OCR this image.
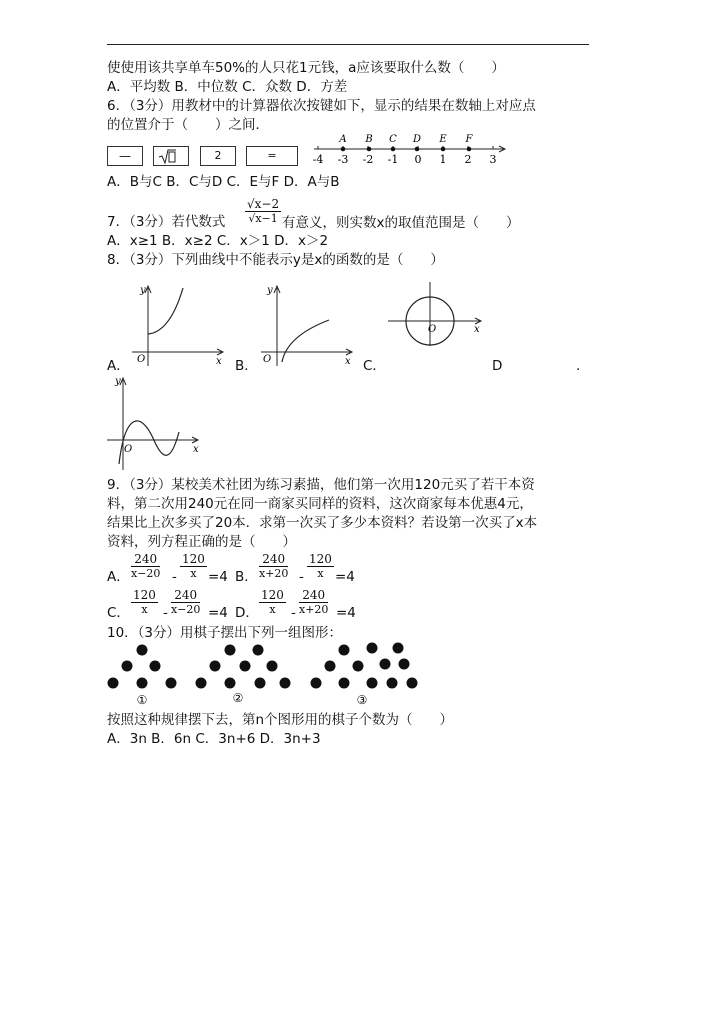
使使用该共享单车50%的人只花1元钱，a应该要取什么数（　　）
A．平均数 B．中位数 C．众数 D．方差
6．（3分）用教材中的计算器依次按键如下，显示的结果在数轴上对应点
的位置介于（　　）之间．
—	2	=	-4 -3 -2 -1 0 1 2 3
A B C D E F
A．B与C B．C与D C．E与F D．A与B
7．（3分）若代数式 $\frac{√x-2}{√x-1}$ 有意义，则实数x的取值范围是（　　）
A．x≥1 B．x≥2 C．x＞1 D．x＞2
8．（3分）下列曲线中不能表示y是x的函数的是（　　）
y
x
O
A．
y
x
O
B．
O	x
C．	D	.
y
x
O
9．（3分）某校美术社团为练习素描，他们第一次用120元买了若干本资
料，第二次用240元在同一商家买同样的资料，这次商家每本优惠4元，
结果比上次多买了20本．求第一次买了多少本资料？若设第一次买了x本
资料，列方程正确的是（　　）
A． $\frac{240}{x-20} - \frac{120}{x} =4$ B． $\frac{240}{x+20} - \frac{120}{x} =4$
C． $\frac{120}{x} - \frac{240}{x-20} =4$ D． $\frac{120}{x} - \frac{240}{x+20} =4$
10．（3分）用棋子摆出下列一组图形：
①	②	③
按照这种规律摆下去，第n个图形用的棋子个数为（　　）
A．3n B．6n C．3n+6 D．3n+3
